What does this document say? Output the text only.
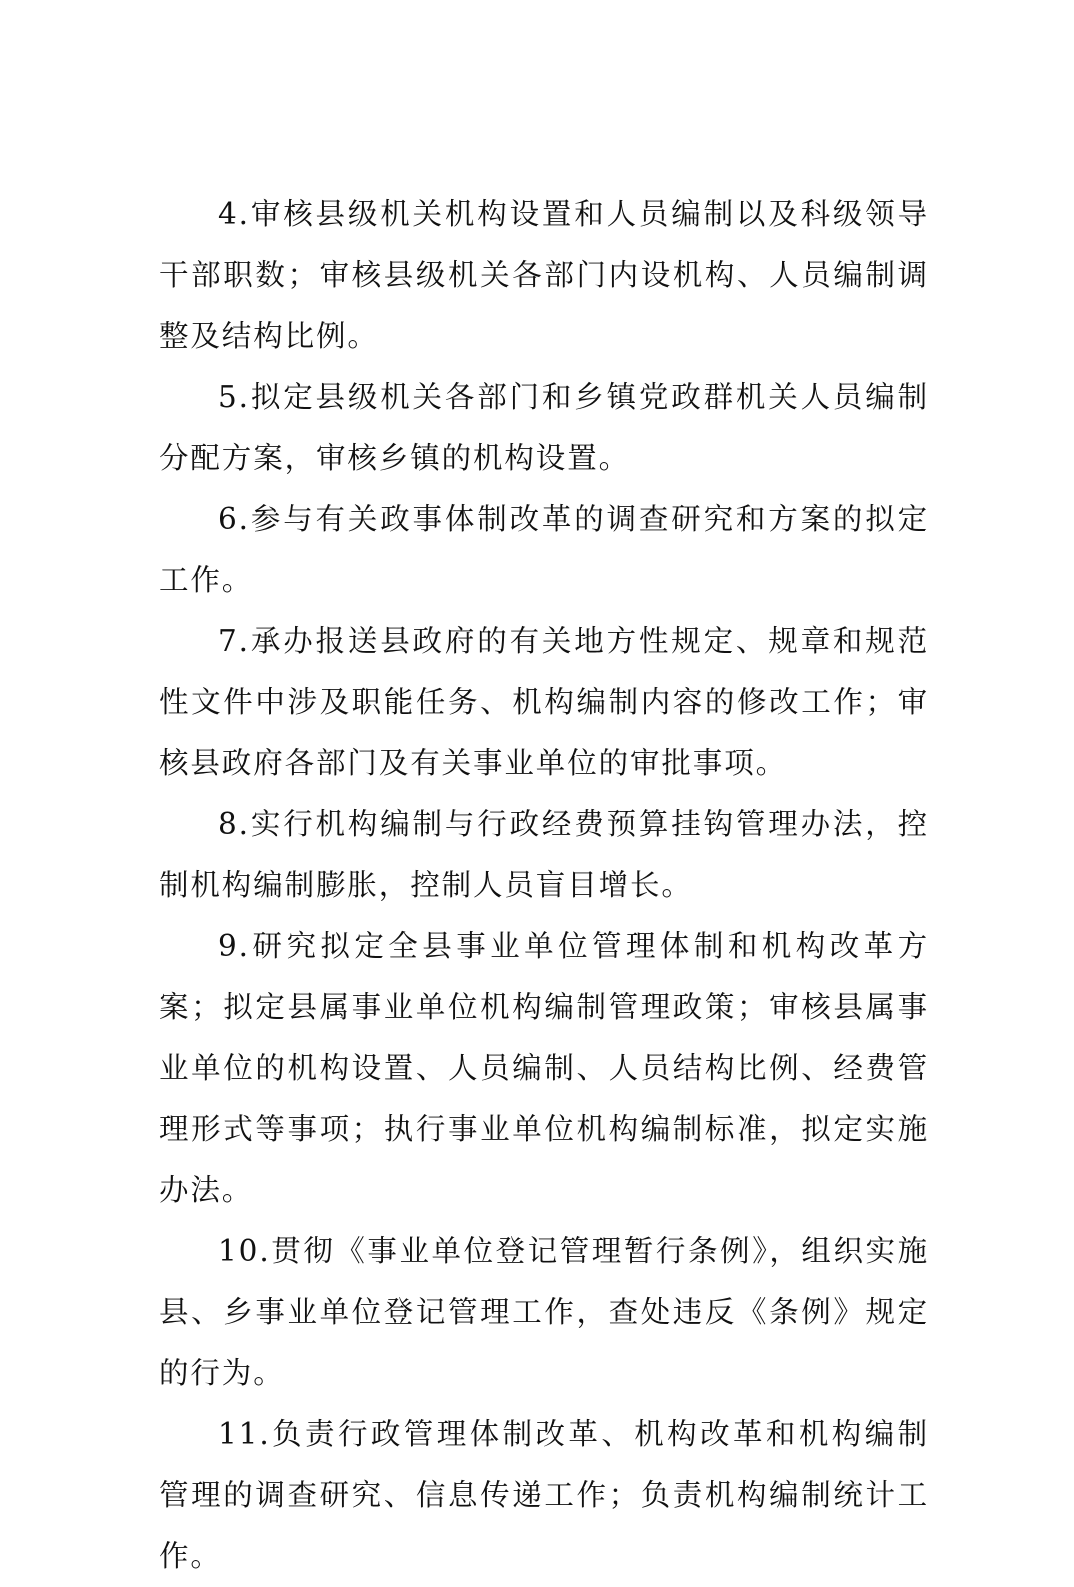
4.审核县级机关机构设置和人员编制以及科级领导干部职数；审核县级机关各部门内设机构、人员编制调整及结构比例。

5.拟定县级机关各部门和乡镇党政群机关人员编制分配方案，审核乡镇的机构设置。

6.参与有关政事体制改革的调查研究和方案的拟定工作。

7.承办报送县政府的有关地方性规定、规章和规范性文件中涉及职能任务、机构编制内容的修改工作；审核县政府各部门及有关事业单位的审批事项。

8.实行机构编制与行政经费预算挂钩管理办法，控制机构编制膨胀，控制人员盲目增长。

9.研究拟定全县事业单位管理体制和机构改革方案；拟定县属事业单位机构编制管理政策；审核县属事业单位的机构设置、人员编制、人员结构比例、经费管理形式等事项；执行事业单位机构编制标准，拟定实施办法。

10.贯彻《事业单位登记管理暂行条例》，组织实施县、乡事业单位登记管理工作，查处违反《条例》规定的行为。

11.负责行政管理体制改革、机构改革和机构编制管理的调查研究、信息传递工作；负责机构编制统计工作。
